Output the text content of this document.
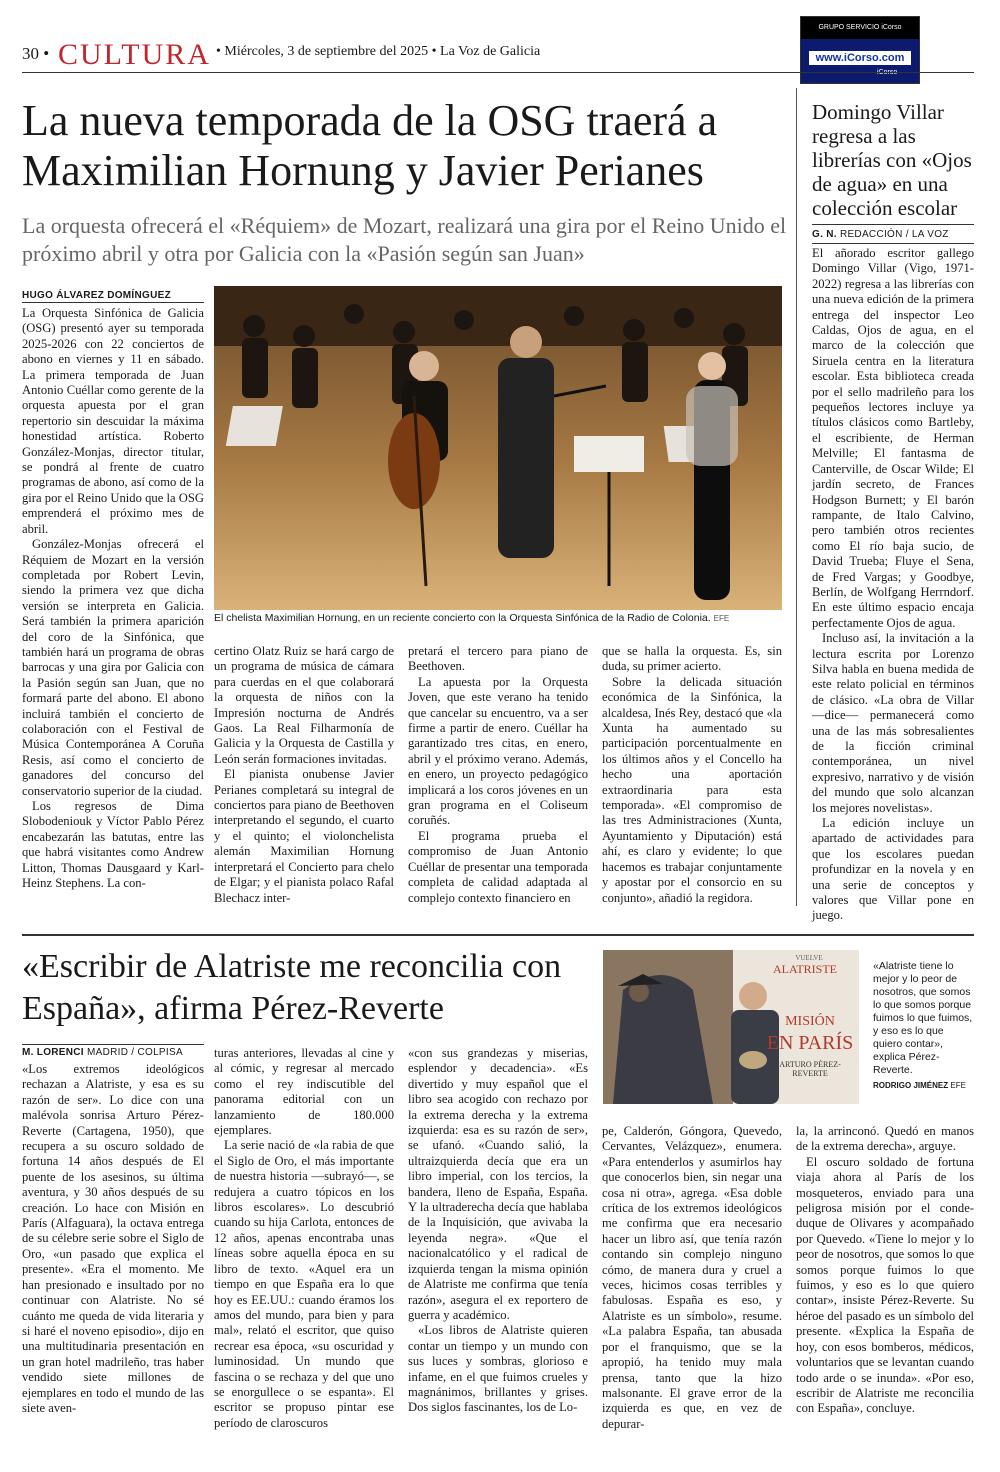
30 • CULTURA • Miércoles, 3 de septiembre del 2025 • La Voz de Galicia
GRUPO SERVICIO iCorso
www.iCorso.com
iCorso
La nueva temporada de la OSG traerá a Maximilian Hornung y Javier Perianes
La orquesta ofrecerá el «Réquiem» de Mozart, realizará una gira por el Reino Unido el próximo abril y otra por Galicia con la «Pasión según san Juan»
HUGO ÁLVAREZ DOMÍNGUEZ

La Orquesta Sinfónica de Galicia (OSG) presentó ayer su temporada 2025-2026 con 22 conciertos de abono en viernes y 11 en sábado. La primera temporada de Juan Antonio Cuéllar como gerente de la orquesta apuesta por el gran repertorio sin descuidar la máxima honestidad artística. Roberto González-Monjas, director titular, se pondrá al frente de cuatro programas de abono, así como de la gira por el Reino Unido que la OSG emprenderá el próximo mes de abril.

González-Monjas ofrecerá el Réquiem de Mozart en la versión completada por Robert Levin, siendo la primera vez que dicha versión se interpreta en Galicia. Será también la primera aparición del coro de la Sinfónica, que también hará un programa de obras barrocas y una gira por Galicia con la Pasión según san Juan, que no formará parte del abono. El abono incluirá también el concierto de colaboración con el Festival de Música Contemporánea A Coruña Resis, así como el concierto de ganadores del concurso del conservatorio superior de la ciudad.

Los regresos de Dima Slobodeniouk y Víctor Pablo Pérez encabezarán las batutas, entre las que habrá visitantes como Andrew Litton, Thomas Dausgaard y Karl-Heinz Stephens. La con-

El chelista Maximilian Hornung, en un reciente concierto con la Orquesta Sinfónica de la Radio de Colonia. EFE

certino Olatz Ruiz se hará cargo de un programa de música de cámara para cuerdas en el que colaborará la orquesta de niños con la Impresión nocturna de Andrés Gaos. La Real Filharmonía de Galicia y la Orquesta de Castilla y León serán formaciones invitadas.

El pianista onubense Javier Perianes completará su integral de conciertos para piano de Beethoven interpretando el segundo, el cuarto y el quinto; el violonchelista alemán Maximilian Hornung interpretará el Concierto para chelo de Elgar; y el pianista polaco Rafal Blechacz inter-

pretará el tercero para piano de Beethoven.

La apuesta por la Orquesta Joven, que este verano ha tenido que cancelar su encuentro, va a ser firme a partir de enero. Cuéllar ha garantizado tres citas, en enero, abril y el próximo verano. Además, en enero, un proyecto pedagógico implicará a los coros jóvenes en un gran programa en el Coliseum coruñés.

El programa prueba el compromiso de Juan Antonio Cuéllar de presentar una temporada completa de calidad adaptada al complejo contexto financiero en

que se halla la orquesta. Es, sin duda, su primer acierto.

Sobre la delicada situación económica de la Sinfónica, la alcaldesa, Inés Rey, destacó que «la Xunta ha aumentado su participación porcentualmente en los últimos años y el Concello ha hecho una aportación extraordinaria para esta temporada». «El compromiso de las tres Administraciones (Xunta, Ayuntamiento y Diputación) está ahí, es claro y evidente; lo que hacemos es trabajar conjuntamente y apostar por el consorcio en su conjunto», añadió la regidora.

Domingo Villar regresa a las librerías con «Ojos de agua» en una colección escolar
G. N. REDACCIÓN / LA VOZ

El añorado escritor gallego Domingo Villar (Vigo, 1971-2022) regresa a las librerías con una nueva edición de la primera entrega del inspector Leo Caldas, Ojos de agua, en el marco de la colección que Siruela centra en la literatura escolar. Esta biblioteca creada por el sello madrileño para los pequeños lectores incluye ya títulos clásicos como Bartleby, el escribiente, de Herman Melville; El fantasma de Canterville, de Oscar Wilde; El jardín secreto, de Frances Hodgson Burnett; y El barón rampante, de Italo Calvino, pero también otros recientes como El río baja sucio, de David Trueba; Fluye el Sena, de Fred Vargas; y Goodbye, Berlín, de Wolfgang Herrndorf. En este último espacio encaja perfectamente Ojos de agua.

Incluso así, la invitación a la lectura escrita por Lorenzo Silva habla en buena medida de este relato policial en términos de clásico. «La obra de Villar —dice— permanecerá como una de las más sobresalientes de la ficción criminal contemporánea, un nivel expresivo, narrativo y de visión del mundo que solo alcanzan los mejores novelistas».

La edición incluye un apartado de actividades para que los escolares puedan profundizar en la novela y en una serie de conceptos y valores que Villar pone en juego.

«Escribir de Alatriste me reconcilia con España», afirma Pérez-Reverte
M. LORENCI MADRID / COLPISA

«Los extremos ideológicos rechazan a Alatriste, y esa es su razón de ser». Lo dice con una malévola sonrisa Arturo Pérez-Reverte (Cartagena, 1950), que recupera a su oscuro soldado de fortuna 14 años después de El puente de los asesinos, su última aventura, y 30 años después de su creación. Lo hace con Misión en París (Alfaguara), la octava entrega de su célebre serie sobre el Siglo de Oro, «un pasado que explica el presente». «Era el momento. Me han presionado e insultado por no continuar con Alatriste. No sé cuánto me queda de vida literaria y si haré el noveno episodio», dijo en una multitudinaria presentación en un gran hotel madrileño, tras haber vendido siete millones de ejemplares en todo el mundo de las siete aven-

turas anteriores, llevadas al cine y al cómic, y regresar al mercado como el rey indiscutible del panorama editorial con un lanzamiento de 180.000 ejemplares.

La serie nació de «la rabia de que el Siglo de Oro, el más importante de nuestra historia —subrayó—, se redujera a cuatro tópicos en los libros escolares». Lo descubrió cuando su hija Carlota, entonces de 12 años, apenas encontraba unas líneas sobre aquella época en su libro de texto. «Aquel era un tiempo en que España era lo que hoy es EE.UU.: cuando éramos los amos del mundo, para bien y para mal», relató el escritor, que quiso recrear esa época, «su oscuridad y luminosidad. Un mundo que fascina o se rechaza y del que uno se enorgullece o se espanta». El escritor se propuso pintar ese período de claroscuros

«con sus grandezas y miserias, esplendor y decadencia». «Es divertido y muy español que el libro sea acogido con rechazo por la extrema derecha y la extrema izquierda: esa es su razón de ser», se ufanó. «Cuando salió, la ultraizquierda decía que era un libro imperial, con los tercios, la bandera, lleno de España, España. Y la ultraderecha decía que hablaba de la Inquisición, que avivaba la leyenda negra». «Que el nacionalcatólico y el radical de izquierda tengan la misma opinión de Alatriste me confirma que tenía razón», asegura el ex reportero de guerra y académico.

«Los libros de Alatriste quieren contar un tiempo y un mundo con sus luces y sombras, glorioso e infame, en el que fuimos crueles y magnánimos, brillantes y grises. Dos siglos fascinantes, los de Lo-

VUELVE
ALATRISTE
MISIÓN
EN PARÍS
ARTURO PÉREZ-REVERTE
«Alatriste tiene lo mejor y lo peor de nosotros, que somos lo que somos porque fuimos lo que fuimos, y eso es lo que quiero contar», explica Pérez-Reverte.
RODRIGO JIMÉNEZ EFE

pe, Calderón, Góngora, Quevedo, Cervantes, Velázquez», enumera. «Para entenderlos y asumirlos hay que conocerlos bien, sin negar una cosa ni otra», agrega. «Esa doble crítica de los extremos ideológicos me confirma que era necesario hacer un libro así, que tenía razón contando sin complejo ninguno cómo, de manera dura y cruel a veces, hicimos cosas terribles y fabulosas. España es eso, y Alatriste es un símbolo», resume. «La palabra España, tan abusada por el franquismo, que se la apropió, ha tenido muy mala prensa, tanto que la hizo malsonante. El grave error de la izquierda es que, en vez de depurar-

la, la arrinconó. Quedó en manos de la extrema derecha», arguye.

El oscuro soldado de fortuna viaja ahora al París de los mosqueteros, enviado para una peligrosa misión por el conde-duque de Olivares y acompañado por Quevedo. «Tiene lo mejor y lo peor de nosotros, que somos lo que somos porque fuimos lo que fuimos, y eso es lo que quiero contar», insiste Pérez-Reverte. Su héroe del pasado es un símbolo del presente. «Explica la España de hoy, con esos bomberos, médicos, voluntarios que se levantan cuando todo arde o se inunda». «Por eso, escribir de Alatriste me reconcilia con España», concluye.
